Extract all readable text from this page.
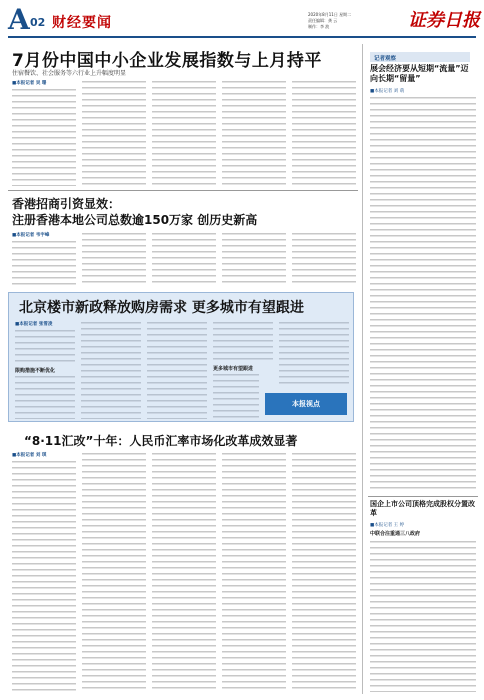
A 02 财经要闻
2020年8月11日 星期二
责任编辑：龚 云
制作：李 波	证券日报
7月份中国中小企业发展指数与上月持平
住宿餐饮、社会服务等六行业上升幅度明显
■本报记者 吴 珊
香港招商引资显效：
注册香港本地公司总数逾150万家 创历史新高
■本报记者 韦宇峰
北京楼市新政释放购房需求 更多城市有望跟进
■本报记者 张雪凌
限购措施不断优化	更多城市有望跟进
本报视点
“8·11汇改”十年：人民币汇率市场化改革成效显著
■本报记者 刘 琪
记者观察
展会经济要从短期“流量”迈向长期“留量”
■本报记者 刘 萌
国企上市公司顶格完成股权分置改革
中联合注重通三八政府
■本报记者 王 婷
